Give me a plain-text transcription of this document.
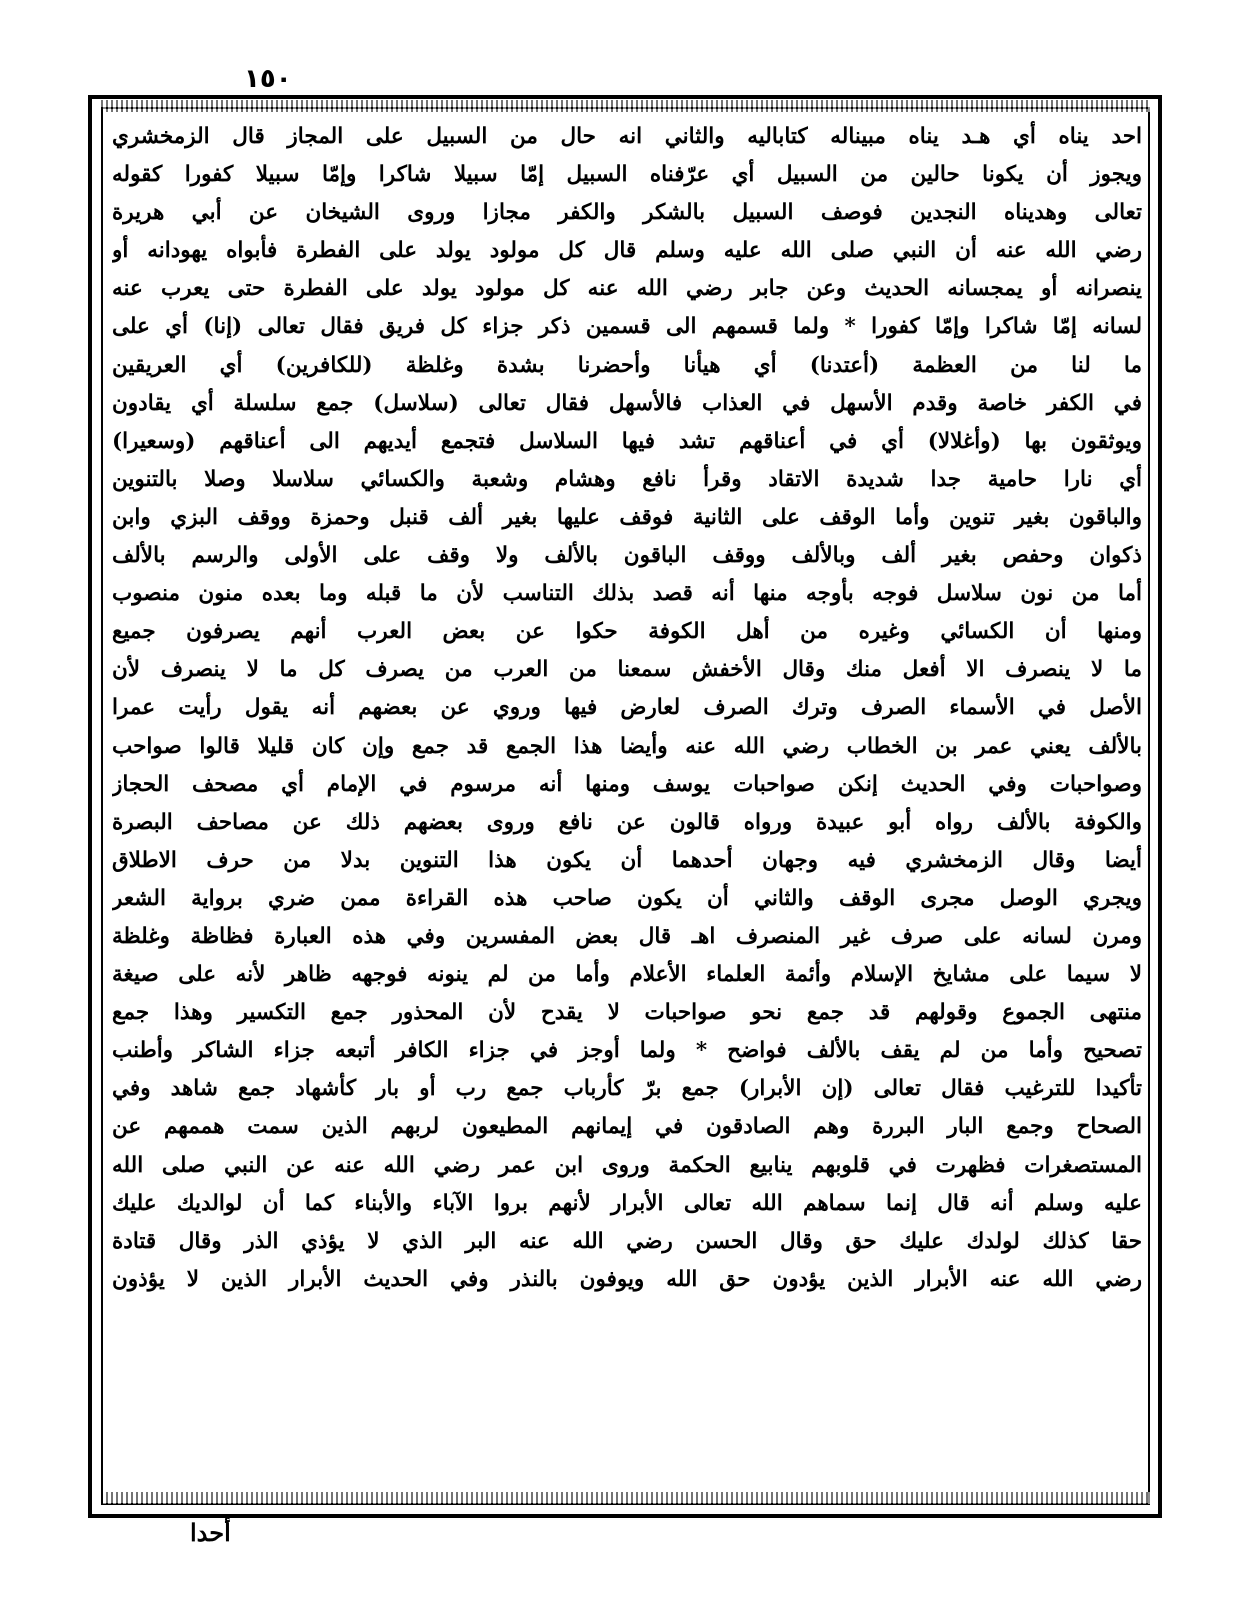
١٥٠
احد يناه أي هـد يناه مبيناله كتاباليه والثاني انه حال من السبيل على المجاز قال الزمخشري
ويجوز أن يكونا حالين من السبيل أي عرّفناه السبيل إمّا سبيلا شاكرا وإمّا سبيلا كفورا كقوله
تعالى وهديناه النجدين فوصف السبيل بالشكر والكفر مجازا وروى الشيخان عن أبي هريرة
رضي الله عنه أن النبي صلى الله عليه وسلم قال كل مولود يولد على الفطرة فأبواه يهودانه أو
ينصرانه أو يمجسانه الحديث وعن جابر رضي الله عنه كل مولود يولد على الفطرة حتى يعرب عنه
لسانه إمّا شاكرا وإمّا كفورا * ولما قسمهم الى قسمين ذكر جزاء كل فريق فقال تعالى (إنا) أي على
ما لنا من العظمة (أعتدنا) أي هيأنا وأحضرنا بشدة وغلظة (للكافرين) أي العريقين
في الكفر خاصة وقدم الأسهل في العذاب فالأسهل فقال تعالى (سلاسل) جمع سلسلة أي يقادون
ويوثقون بها (وأغلالا) أي في أعناقهم تشد فيها السلاسل فتجمع أيديهم الى أعناقهم (وسعيرا)
أي نارا حامية جدا شديدة الاتقاد وقرأ نافع وهشام وشعبة والكسائي سلاسلا وصلا بالتنوين
والباقون بغير تنوين وأما الوقف على الثانية فوقف عليها بغير ألف قنبل وحمزة ووقف البزي وابن
ذكوان وحفص بغير ألف وبالألف ووقف الباقون بالألف ولا وقف على الأولى والرسم بالألف
أما من نون سلاسل فوجه بأوجه منها أنه قصد بذلك التناسب لأن ما قبله وما بعده منون منصوب
ومنها أن الكسائي وغيره من أهل الكوفة حكوا عن بعض العرب أنهم يصرفون جميع
ما لا ينصرف الا أفعل منك وقال الأخفش سمعنا من العرب من يصرف كل ما لا ينصرف لأن
الأصل في الأسماء الصرف وترك الصرف لعارض فيها وروي عن بعضهم أنه يقول رأيت عمرا
بالألف يعني عمر بن الخطاب رضي الله عنه وأيضا هذا الجمع قد جمع وإن كان قليلا قالوا صواحب
وصواحبات وفي الحديث إنكن صواحبات يوسف ومنها أنه مرسوم في الإمام أي مصحف الحجاز
والكوفة بالألف رواه أبو عبيدة ورواه قالون عن نافع وروى بعضهم ذلك عن مصاحف البصرة
أيضا وقال الزمخشري فيه وجهان أحدهما أن يكون هذا التنوين بدلا من حرف الاطلاق
ويجري الوصل مجرى الوقف والثاني أن يكون صاحب هذه القراءة ممن ضري برواية الشعر
ومرن لسانه على صرف غير المنصرف اهـ قال بعض المفسرين وفي هذه العبارة فظاظة وغلظة
لا سيما على مشايخ الإسلام وأئمة العلماء الأعلام وأما من لم ينونه فوجهه ظاهر لأنه على صيغة
منتهى الجموع وقولهم قد جمع نحو صواحبات لا يقدح لأن المحذور جمع التكسير وهذا جمع
تصحيح وأما من لم يقف بالألف فواضح * ولما أوجز في جزاء الكافر أتبعه جزاء الشاكر وأطنب
تأكيدا للترغيب فقال تعالى (إن الأبرار) جمع برّ كأرباب جمع رب أو بار كأشهاد جمع شاهد وفي
الصحاح وجمع البار البررة وهم الصادقون في إيمانهم المطيعون لربهم الذين سمت هممهم عن
المستصغرات فظهرت في قلوبهم ينابيع الحكمة وروى ابن عمر رضي الله عنه عن النبي صلى الله
عليه وسلم أنه قال إنما سماهم الله تعالى الأبرار لأنهم بروا الآباء والأبناء كما أن لوالديك عليك
حقا كذلك لولدك عليك حق وقال الحسن رضي الله عنه البر الذي لا يؤذي الذر وقال قتادة
رضي الله عنه الأبرار الذين يؤدون حق الله ويوفون بالنذر وفي الحديث الأبرار الذين لا يؤذون
أحدا
